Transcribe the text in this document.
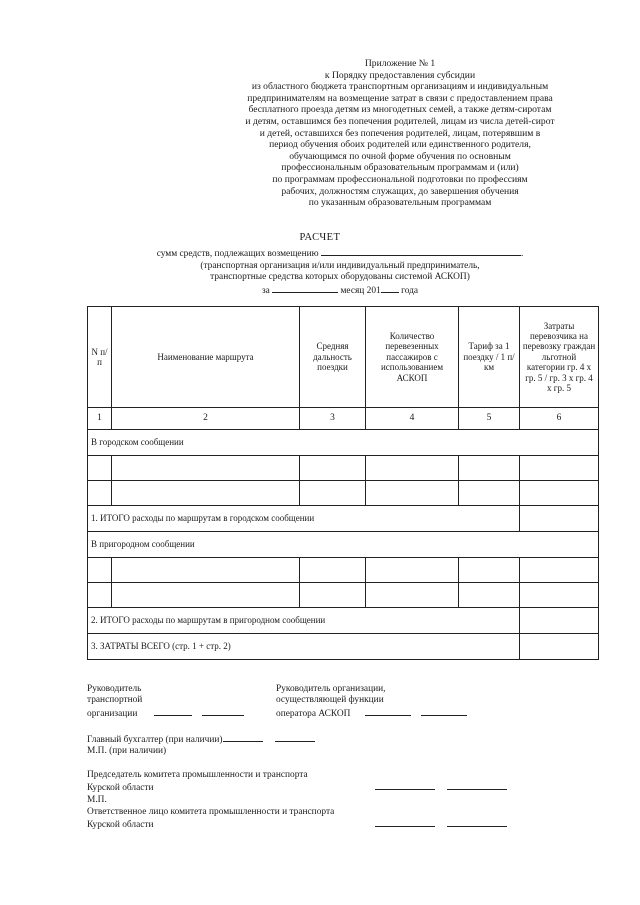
Приложение № 1
к Порядку предоставления субсидии
из областного бюджета транспортным организациям и индивидуальным
предпринимателям на возмещение затрат в связи с предоставлением права
бесплатного проезда детям из многодетных семей, а также детям-сиротам
и детям, оставшимся без попечения родителей, лицам из числа детей-сирот
и детей, оставшихся без попечения родителей, лицам, потерявшим в
период обучения обоих родителей или единственного родителя,
обучающимся по очной форме обучения по основным
профессиональным образовательным программам и (или)
по программам профессиональной подготовки по профессиям
рабочих, должностям служащих, до завершения обучения
по указанным образовательным программам
РАСЧЕТ
сумм средств, подлежащих возмещению	.
(транспортная организация и/или индивидуальный предприниматель,
транспортные средства которых оборудованы системой АСКОП)
за	месяц 201 года
N п/п	Наименование маршрута	Средняя дальность поездки	Количество перевезенных пассажиров с использованием АСКОП	Тариф за 1 поездку / 1 п/км	Затраты перевозчика на перевозку граждан льготной категории гр. 4 x гр. 5 / гр. 3 x гр. 4 x гр. 5
1	2	3	4	5	6
В городском сообщении					

1. ИТОГО расходы по маршрутам в городском сообщении					
В пригородном сообщении					

2. ИТОГО расходы по маршрутам в пригородном сообщении					
3. ЗАТРАТЫ ВСЕГО (стр. 1 + стр. 2)					
Руководитель
транспортной
организации
Руководитель организации,
осуществляющей функции
оператора АСКОП
Главный бухгалтер (при наличии)
М.П. (при наличии)
Председатель комитета промышленности и транспорта
Курской области
М.П.
Ответственное лицо комитета промышленности и транспорта
Курской области
